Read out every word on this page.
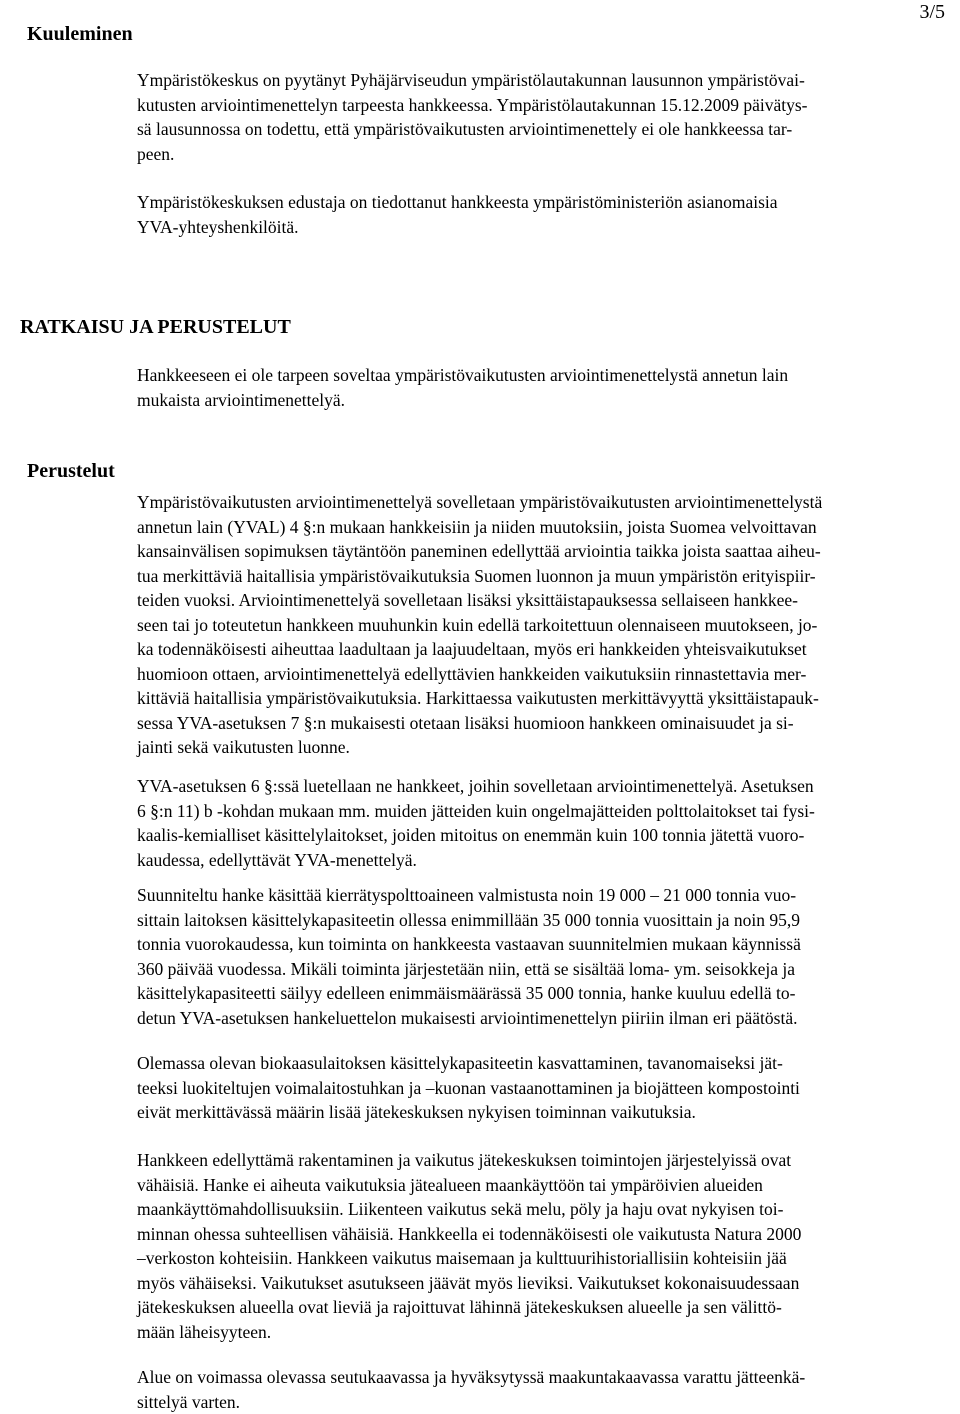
Kuuleminen
3/5
Ympäristökeskus on pyytänyt Pyhäjärviseudun ympäristölautakunnan lausunnon ympäristövai-
kutusten arviointimenettelyn tarpeesta hankkeessa. Ympäristölautakunnan 15.12.2009 päivätys-
sä lausunnossa on todettu, että ympäristövaikutusten arviointimenettely ei ole hankkeessa tar-
peen.
Ympäristökeskuksen edustaja on tiedottanut hankkeesta ympäristöministeriön asianomaisia
YVA-yhteyshenkilöitä.
RATKAISU JA PERUSTELUT
Hankkeeseen ei ole tarpeen soveltaa ympäristövaikutusten arviointimenettelystä annetun lain
mukaista arviointimenettelyä.
Perustelut
Ympäristövaikutusten arviointimenettelyä sovelletaan ympäristövaikutusten arviointimenettelystä
annetun lain (YVAL) 4 §:n mukaan hankkeisiin ja niiden muutoksiin, joista Suomea velvoittavan
kansainvälisen sopimuksen täytäntöön paneminen edellyttää arviointia taikka joista saattaa aiheu-
tua merkittäviä haitallisia ympäristövaikutuksia Suomen luonnon ja muun ympäristön erityispiir-
teiden vuoksi. Arviointimenettelyä sovelletaan lisäksi yksittäistapauksessa sellaiseen hankkee-
seen tai jo toteutetun hankkeen muuhunkin kuin edellä tarkoitettuun olennaiseen muutokseen, jo-
ka todennäköisesti aiheuttaa laadultaan ja laajuudeltaan, myös eri hankkeiden yhteisvaikutukset
huomioon ottaen, arviointimenettelyä edellyttävien hankkeiden vaikutuksiin rinnastettavia mer-
kittäviä haitallisia ympäristövaikutuksia. Harkittaessa vaikutusten merkittävyyttä yksittäistapauk-
sessa YVA-asetuksen 7 §:n mukaisesti otetaan lisäksi huomioon hankkeen ominaisuudet ja si-
jainti sekä vaikutusten luonne.
YVA-asetuksen 6 §:ssä luetellaan ne hankkeet, joihin sovelletaan arviointimenettelyä. Asetuksen
6 §:n 11) b -kohdan mukaan mm. muiden jätteiden kuin ongelmajätteiden polttolaitokset tai fysi-
kaalis-kemialliset käsittelylaitokset, joiden mitoitus on enemmän kuin 100 tonnia jätettä vuoro-
kaudessa, edellyttävät YVA-menettelyä.
Suunniteltu hanke käsittää kierrätyspolttoaineen valmistusta noin 19 000 – 21 000 tonnia vuo-
sittain laitoksen käsittelykapasiteetin ollessa enimmillään 35 000 tonnia vuosittain ja noin 95,9
tonnia vuorokaudessa, kun toiminta on hankkeesta vastaavan suunnitelmien mukaan käynnissä
360 päivää vuodessa. Mikäli toiminta järjestetään niin, että se sisältää loma- ym. seisokkeja ja
käsittelykapasiteetti säilyy edelleen enimmäismäärässä 35 000 tonnia, hanke kuuluu edellä to-
detun YVA-asetuksen hankeluettelon mukaisesti arviointimenettelyn piiriin ilman eri päätöstä.
Olemassa olevan biokaasulaitoksen käsittelykapasiteetin kasvattaminen, tavanomaiseksi jät-
teeksi luokiteltujen voimalaitostuhkan ja –kuonan vastaanottaminen ja biojätteen kompostointi
eivät merkittävässä määrin lisää jätekeskuksen nykyisen toiminnan vaikutuksia.
Hankkeen edellyttämä rakentaminen ja vaikutus jätekeskuksen toimintojen järjestelyissä ovat
vähäisiä. Hanke ei aiheuta vaikutuksia jätealueen maankäyttöön tai ympäröivien alueiden
maankäyttömahdollisuuksiin. Liikenteen vaikutus sekä melu, pöly ja haju ovat nykyisen toi-
minnan ohessa suhteellisen vähäisiä. Hankkeella ei todennäköisesti ole vaikutusta Natura 2000
–verkoston kohteisiin. Hankkeen vaikutus maisemaan ja kulttuurihistoriallisiin kohteisiin jää
myös vähäiseksi. Vaikutukset asutukseen jäävät myös lieviksi. Vaikutukset kokonaisuudessaan
jätekeskuksen alueella ovat lieviä ja rajoittuvat lähinnä jätekeskuksen alueelle ja sen välittö-
mään läheisyyteen.
Alue on voimassa olevassa seutukaavassa ja hyväksytyssä maakuntakaavassa varattu jätteenkä-
sittelyä varten.
